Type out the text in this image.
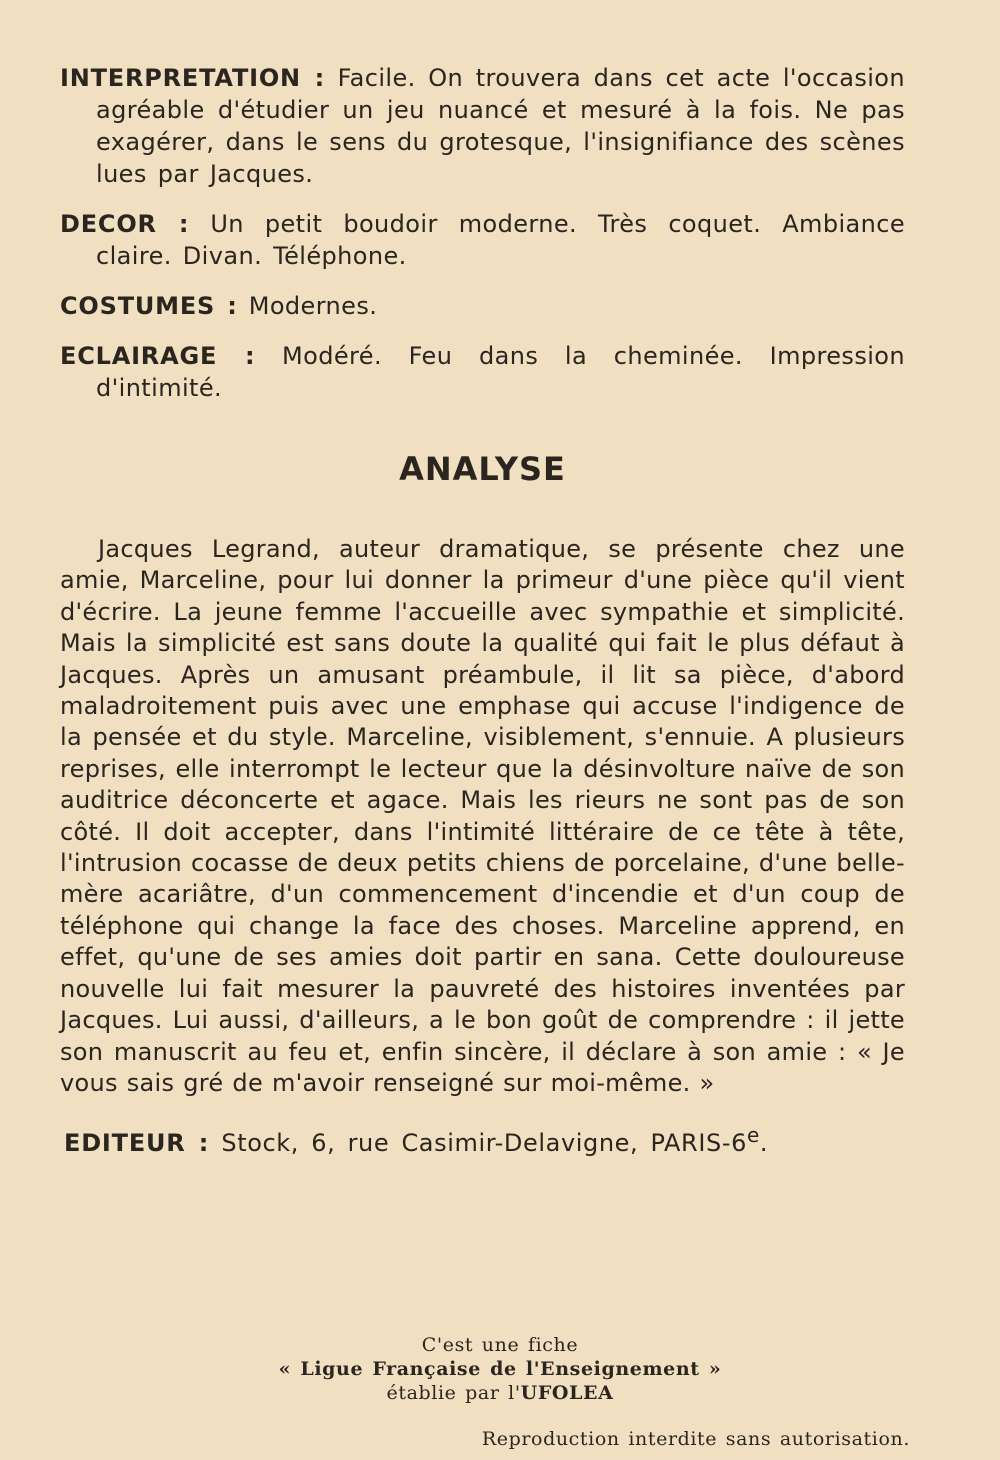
INTERPRETATION : Facile. On trouvera dans cet acte l'occasion agréable d'étudier un jeu nuancé et mesuré à la fois. Ne pas exagérer, dans le sens du grotesque, l'insignifiance des scènes lues par Jacques.

DECOR : Un petit boudoir moderne. Très coquet. Ambiance claire. Divan. Téléphone.

COSTUMES : Modernes.

ECLAIRAGE : Modéré. Feu dans la cheminée. Impression d'intimité.

ANALYSE

Jacques Legrand, auteur dramatique, se présente chez une amie, Marceline, pour lui donner la primeur d'une pièce qu'il vient d'écrire. La jeune femme l'accueille avec sympathie et simplicité. Mais la simplicité est sans doute la qualité qui fait le plus défaut à Jacques. Après un amusant préambule, il lit sa pièce, d'abord maladroitement puis avec une emphase qui accuse l'indigence de la pensée et du style. Marceline, visiblement, s'ennuie. A plusieurs reprises, elle interrompt le lecteur que la désinvolture naïve de son auditrice déconcerte et agace. Mais les rieurs ne sont pas de son côté. Il doit accepter, dans l'intimité littéraire de ce tête à tête, l'intrusion cocasse de deux petits chiens de porcelaine, d'une belle-mère acariâtre, d'un commencement d'incendie et d'un coup de téléphone qui change la face des choses. Marceline apprend, en effet, qu'une de ses amies doit partir en sana. Cette douloureuse nouvelle lui fait mesurer la pauvreté des histoires inventées par Jacques. Lui aussi, d'ailleurs, a le bon goût de comprendre : il jette son manuscrit au feu et, enfin sincère, il déclare à son amie : « Je vous sais gré de m'avoir renseigné sur moi-même. »

EDITEUR : Stock, 6, rue Casimir-Delavigne, PARIS-6e.

C'est une fiche
« Ligue Française de l'Enseignement »
établie par l'UFOLEA
Reproduction interdite sans autorisation.
